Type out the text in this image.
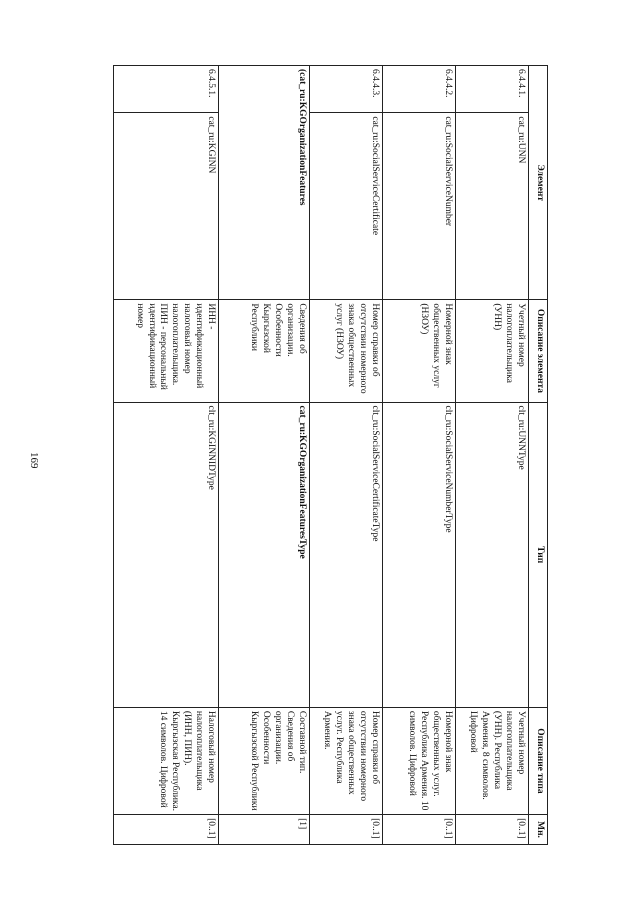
169
Элемент		Описание элемента	Тип	Описание типа	Мн.
6.4.4.1.	cat_ru:UNN	Учетный номер налогоплательщика (УНН)	clt_ru:UNNType	Учетный номер налогоплательщика (УНН). Республика Армения, 8 символов. Цифровой	[0..1]
6.4.4.2.	cat_ru:SocialServiceNumber	Номерной знак общественных услуг (НЗОУ)	clt_ru:SocialServiceNumberType	Номерной знак общественных услуг. Республика Армения. 10 символов. Цифровой	[0..1]
6.4.4.3.	cat_ru:SocialServiceCertificate	Номер справки об отсутствии номерного знака общественных услуг (НЗОУ)	clt_ru:SocialServiceCertificateType	Номер справки об отсутствии номерного знака общественных услуг. Республика Армения.	[0..1]
(cat_ru:KGOrganizationFeatures		Сведения об организации. Особенности Кыргызской Республики	cat_ru:KGOrganizationFeaturesType	Составной тип. Сведения об организации. Особенности Кыргызской Республики	[1]
6.4.5.1.	cat_ru:KGINN	ИНН - идентификационный налоговый номер налогоплательщика. ПИН - персональный идентификационный номер	clt_ru:KGINNIDType	Налоговый номер налогоплательщика (ИНН, ПИН). Кыргызская Республика. 14 символов. Цифровой	[0..1]
